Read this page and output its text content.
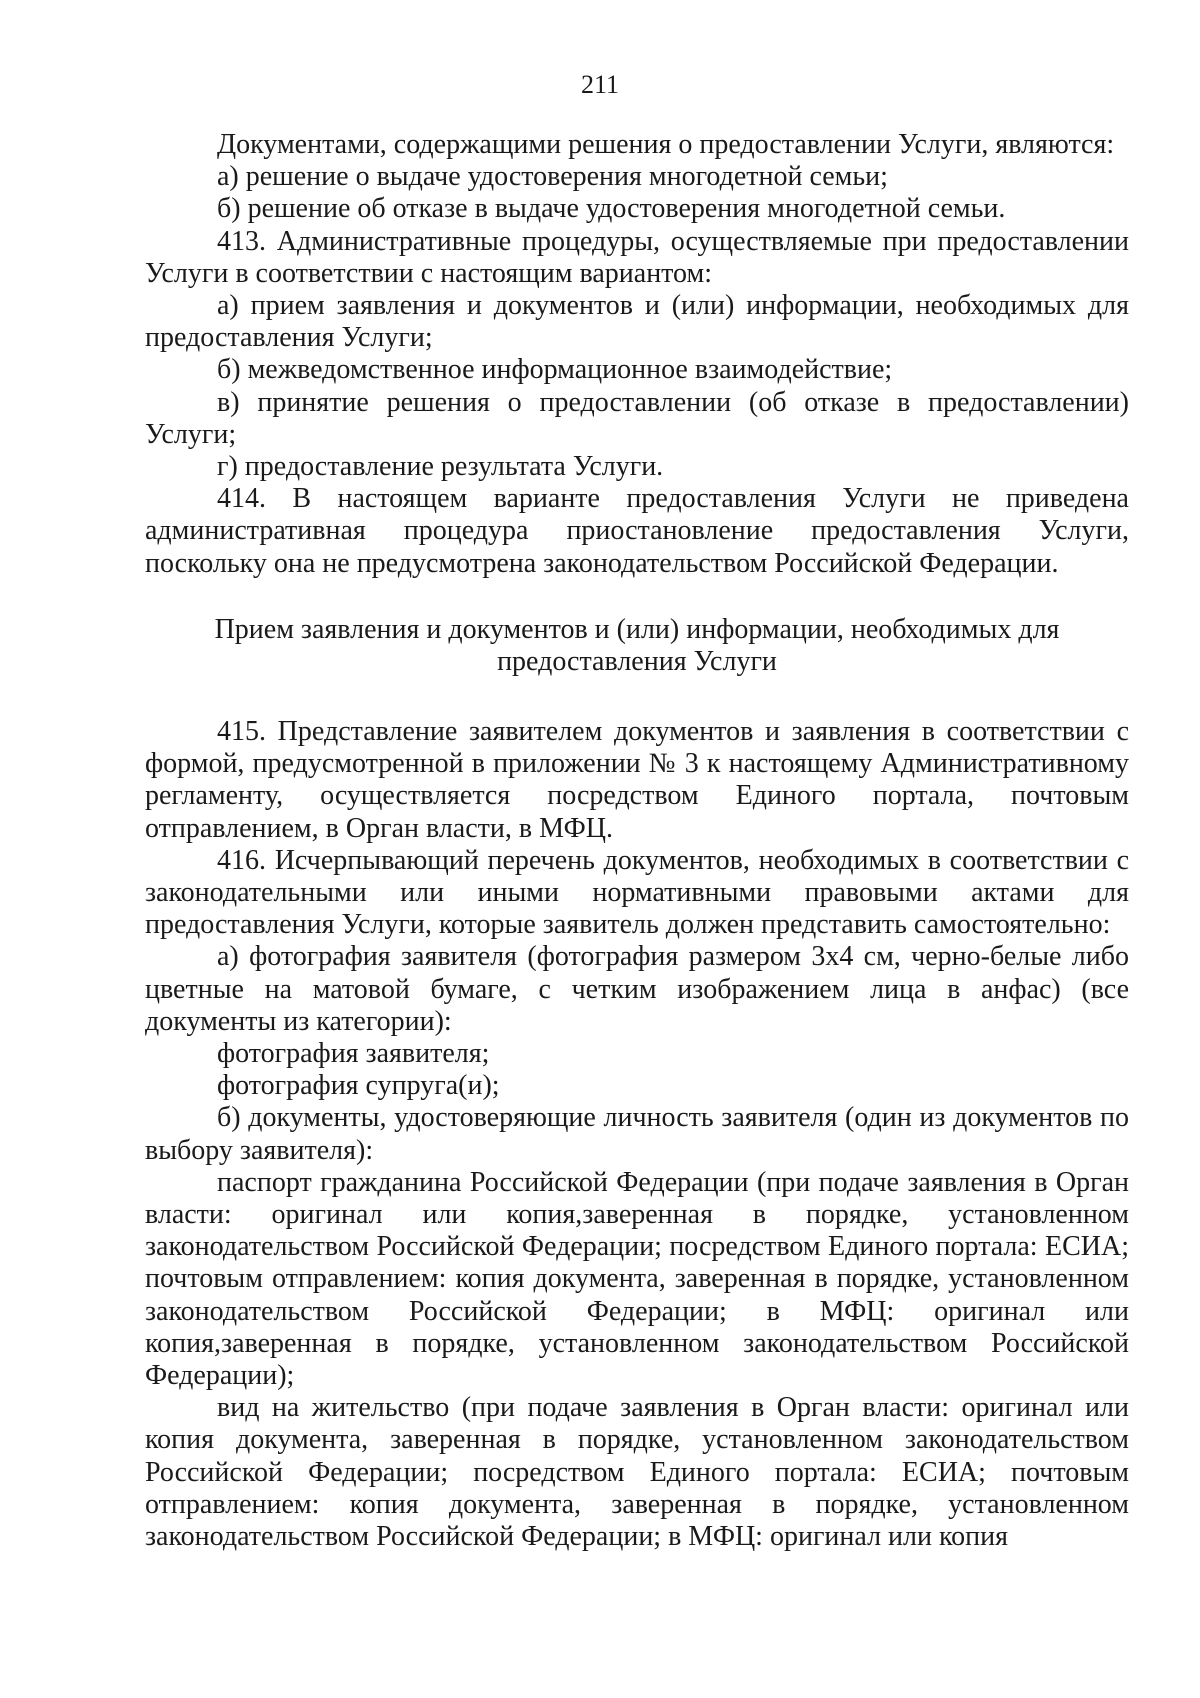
211

Документами, содержащими решения о предоставлении Услуги, являются:

а) решение о выдаче удостоверения многодетной семьи;

б) решение об отказе в выдаче удостоверения многодетной семьи.

413. Административные процедуры, осуществляемые при предоставлении Услуги в соответствии с настоящим вариантом:

а) прием заявления и документов и (или) информации, необходимых для предоставления Услуги;

б) межведомственное информационное взаимодействие;

в) принятие решения о предоставлении (об отказе в предоставлении) Услуги;

г) предоставление результата Услуги.

414. В настоящем варианте предоставления Услуги не приведена административная процедура приостановление предоставления Услуги, поскольку она не предусмотрена законодательством Российской Федерации.

Прием заявления и документов и (или) информации, необходимых для
предоставления Услуги

415. Представление заявителем документов и заявления в соответствии с формой, предусмотренной в приложении № 3 к настоящему Административному регламенту, осуществляется посредством Единого портала, почтовым отправлением, в Орган власти, в МФЦ.

416. Исчерпывающий перечень документов, необходимых в соответствии с законодательными или иными нормативными правовыми актами для предоставления Услуги, которые заявитель должен представить самостоятельно:

а) фотография заявителя (фотография размером 3х4 см, черно-белые либо цветные на матовой бумаге, с четким изображением лица в анфас) (все документы из категории):

фотография заявителя;

фотография супруга(и);

б) документы, удостоверяющие личность заявителя (один из документов по выбору заявителя):

паспорт гражданина Российской Федерации (при подаче заявления в Орган власти: оригинал или копия,заверенная в порядке, установленном законодательством Российской Федерации; посредством Единого портала: ЕСИА; почтовым отправлением: копия документа, заверенная в порядке, установленном законодательством Российской Федерации; в МФЦ: оригинал или копия,заверенная в порядке, установленном законодательством Российской Федерации);

вид на жительство (при подаче заявления в Орган власти: оригинал или копия документа, заверенная в порядке, установленном законодательством Российской Федерации; посредством Единого портала: ЕСИА; почтовым отправлением: копия документа, заверенная в порядке, установленном законодательством Российской Федерации; в МФЦ: оригинал или копия
